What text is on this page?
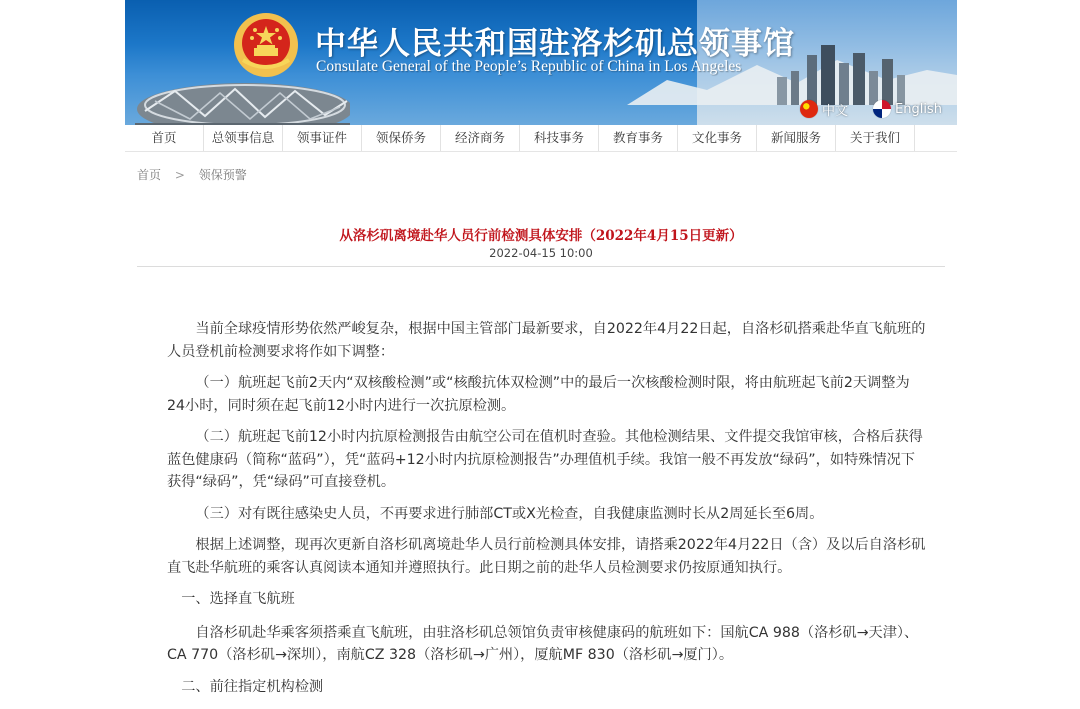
中华人民共和国驻洛杉矶总领事馆
Consulate General of the People’s Republic of China in Los Angeles
中文	English
首页	总领事信息	领事证件	领保侨务	经济商务	科技事务	教育事务	文化事务	新闻服务	关于我们
首页 > 领保预警
从洛杉矶离境赴华人员行前检测具体安排（2022年4月15日更新）
2022-04-15 10:00

当前全球疫情形势依然严峻复杂，根据中国主管部门最新要求，自2022年4月22日起，自洛杉矶搭乘赴华直飞航班的人员登机前检测要求将作如下调整：

（一）航班起飞前2天内“双核酸检测”或“核酸抗体双检测”中的最后一次核酸检测时限，将由航班起飞前2天调整为24小时，同时须在起飞前12小时内进行一次抗原检测。

（二）航班起飞前12小时内抗原检测报告由航空公司在值机时查验。其他检测结果、文件提交我馆审核，合格后获得蓝色健康码（简称“蓝码”），凭“蓝码+12小时内抗原检测报告”办理值机手续。我馆一般不再发放“绿码”，如特殊情况下获得“绿码”，凭“绿码”可直接登机。

（三）对有既往感染史人员，不再要求进行肺部CT或X光检查，自我健康监测时长从2周延长至6周。

根据上述调整，现再次更新自洛杉矶离境赴华人员行前检测具体安排，请搭乘2022年4月22日（含）及以后自洛杉矶直飞赴华航班的乘客认真阅读本通知并遵照执行。此日期之前的赴华人员检测要求仍按原通知执行。

一、选择直飞航班

自洛杉矶赴华乘客须搭乘直飞航班，由驻洛杉矶总领馆负责审核健康码的航班如下：国航CA 988（洛杉矶→天津）、 CA 770（洛杉矶→深圳），南航CZ 328（洛杉矶→广州），厦航MF 830（洛杉矶→厦门）。

二、前往指定机构检测
